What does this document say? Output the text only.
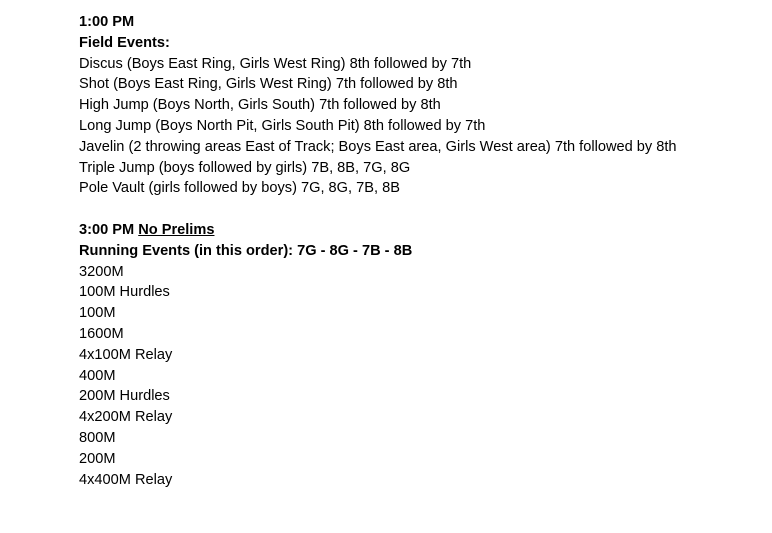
1:00 PM

Field Events:

Discus (Boys East Ring, Girls West Ring) 8th followed by 7th

Shot (Boys East Ring, Girls West Ring) 7th followed by 8th

High Jump (Boys North, Girls South) 7th followed by 8th

Long Jump (Boys North Pit, Girls South Pit) 8th followed by 7th

Javelin (2 throwing areas East of Track; Boys East area, Girls West area) 7th followed by 8th

Triple Jump (boys followed by girls) 7B, 8B, 7G, 8G

Pole Vault (girls followed by boys) 7G, 8G, 7B, 8B

3:00 PM No Prelims

Running Events (in this order): 7G - 8G - 7B - 8B

3200M

100M Hurdles

100M

1600M

4x100M Relay

400M

200M Hurdles

4x200M Relay

800M

200M

4x400M Relay
